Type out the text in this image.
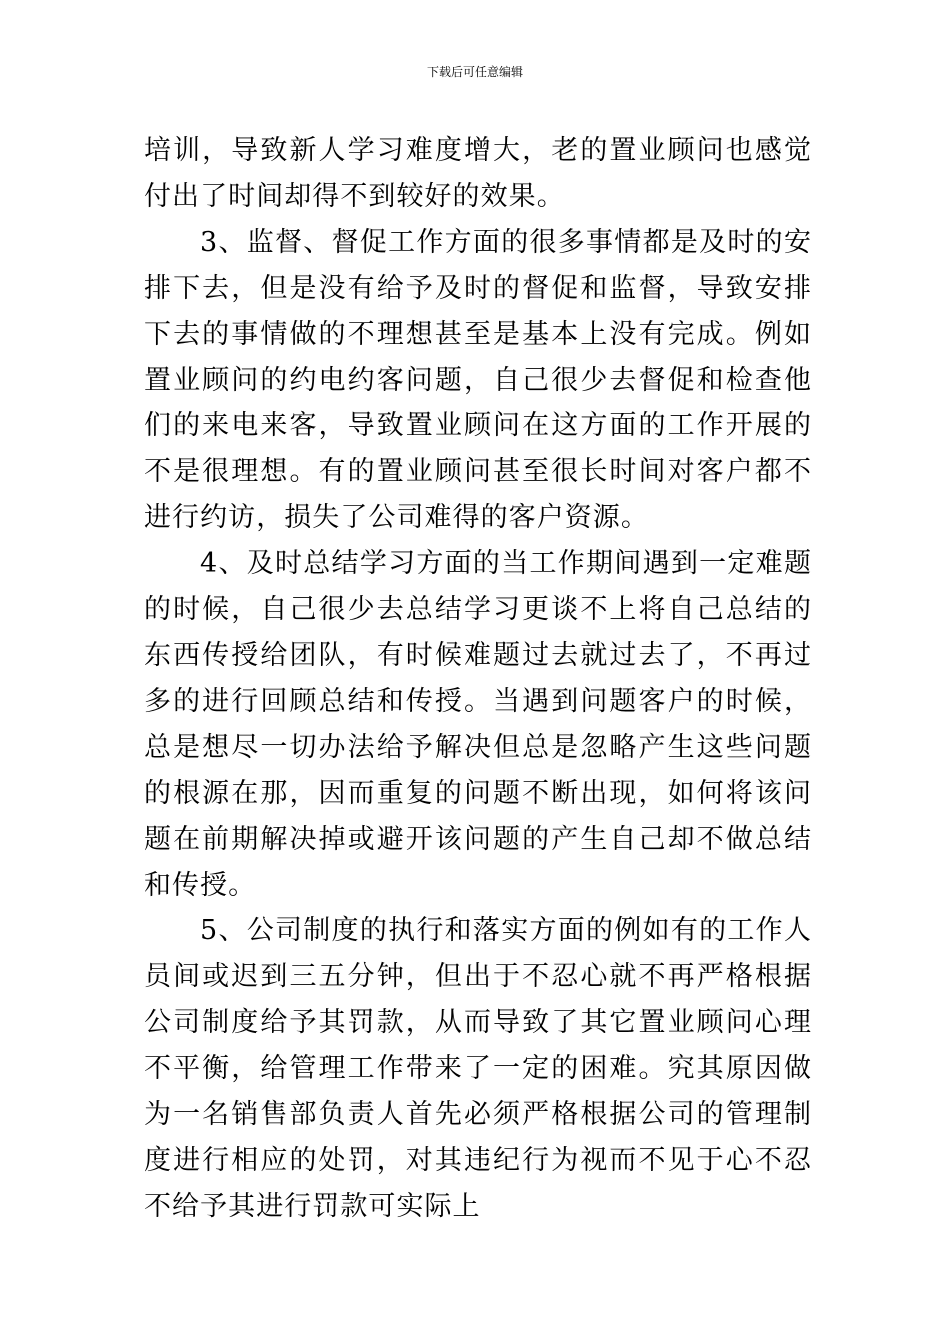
下载后可任意编辑

培训，导致新人学习难度增大，老的置业顾问也感觉付出了时间却得不到较好的效果。

3、监督、督促工作方面的很多事情都是及时的安排下去，但是没有给予及时的督促和监督，导致安排下去的事情做的不理想甚至是基本上没有完成。例如置业顾问的约电约客问题，自己很少去督促和检查他们的来电来客，导致置业顾问在这方面的工作开展的不是很理想。有的置业顾问甚至很长时间对客户都不进行约访，损失了公司难得的客户资源。

4、及时总结学习方面的当工作期间遇到一定难题的时候，自己很少去总结学习更谈不上将自己总结的东西传授给团队，有时候难题过去就过去了，不再过多的进行回顾总结和传授。当遇到问题客户的时候，总是想尽一切办法给予解决但总是忽略产生这些问题的根源在那，因而重复的问题不断出现，如何将该问题在前期解决掉或避开该问题的产生自己却不做总结和传授。

5、公司制度的执行和落实方面的例如有的工作人员间或迟到三五分钟，但出于不忍心就不再严格根据公司制度给予其罚款，从而导致了其它置业顾问心理不平衡，给管理工作带来了一定的困难。究其原因做为一名销售部负责人首先必须严格根据公司的管理制度进行相应的处罚，对其违纪行为视而不见于心不忍不给予其进行罚款可实际上
